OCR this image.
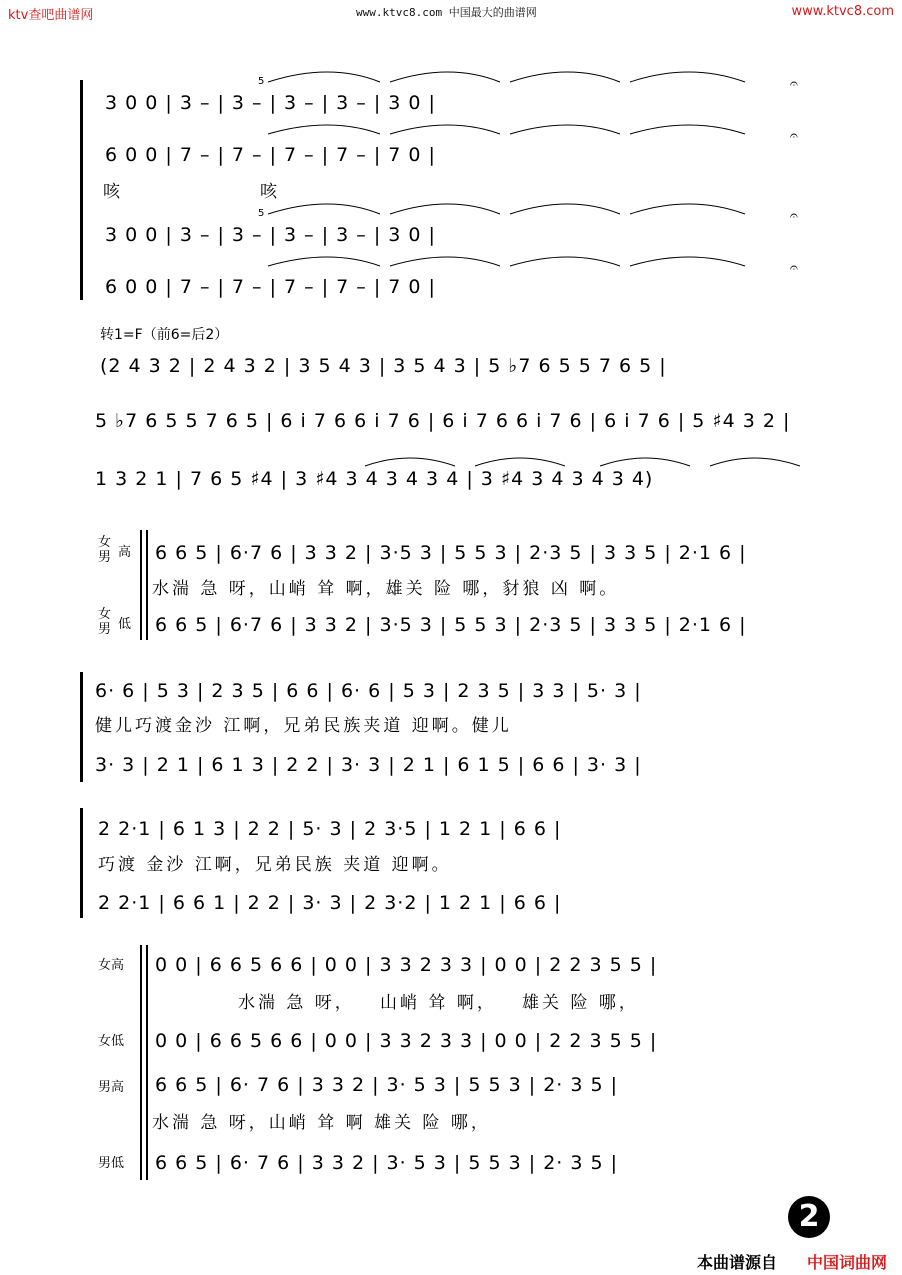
ktv查吧曲谱网	www.ktvc8.com 中国最大的曲谱网	www.ktvc8.com
3 0 0 | 3 – | 3 – | 3 – | 3 – | 3 0 |
6 0 0 | 7 – | 7 – | 7 – | 7 – | 7 0 |
咳	咳
3 0 0 | 3 – | 3 – | 3 – | 3 – | 3 0 |
6 0 0 | 7 – | 7 – | 7 – | 7 – | 7 0 |
5
5
𝄐
𝄐
𝄐
𝄐
转1=F（前6=后2）
(2 4 3 2 | 2 4 3 2 | 3 5 4 3 | 3 5 4 3 | 5 ♭7 6 5 5 7 6 5 |
5 ♭7 6 5 5 7 6 5 | 6 i 7 6 6 i 7 6 | 6 i 7 6 6 i 7 6 | 6 i 7 6 | 5 ♯4 3 2 |
1 3 2 1 | 7 6 5 ♯4 | 3 ♯4 3 4 3 4 3 4 | 3 ♯4 3 4 3 4 3 4)
女
男 高
女
男 低
6 6 5 | 6·7 6 | 3 3 2 | 3·5 3 | 5 5 3 | 2·3 5 | 3 3 5 | 2·1 6 |
水湍 急 呀，山峭 耸 啊，雄关 险 哪，豺狼 凶 啊。
6 6 5 | 6·7 6 | 3 3 2 | 3·5 3 | 5 5 3 | 2·3 5 | 3 3 5 | 2·1 6 |
6· 6 | 5 3 | 2 3 5 | 6 6 | 6· 6 | 5 3 | 2 3 5 | 3 3 | 5· 3 |
健儿巧渡金沙 江啊，兄弟民族夹道 迎啊。健儿
3· 3 | 2 1 | 6 1 3 | 2 2 | 3· 3 | 2 1 | 6 1 5 | 6 6 | 3· 3 |
2 2·1 | 6 1 3 | 2 2 | 5· 3 | 2 3·5 | 1 2 1 | 6 6 |
巧渡 金沙 江啊，兄弟民族 夹道 迎啊。
2 2·1 | 6 6 1 | 2 2 | 3· 3 | 2 3·2 | 1 2 1 | 6 6 |
女高
女低
男高
男低
0 0 | 6 6 5 6 6 | 0 0 | 3 3 2 3 3 | 0 0 | 2 2 3 5 5 |
水湍 急 呀，   山峭 耸 啊，   雄关 险 哪，
0 0 | 6 6 5 6 6 | 0 0 | 3 3 2 3 3 | 0 0 | 2 2 3 5 5 |
6 6 5 | 6· 7 6 | 3 3 2 | 3· 5 3 | 5 5 3 | 2· 3 5 |
水湍 急 呀，山峭 耸 啊 雄关 险 哪，
6 6 5 | 6· 7 6 | 3 3 2 | 3· 5 3 | 5 5 3 | 2· 3 5 |
2
本曲谱源自 中国词曲网
